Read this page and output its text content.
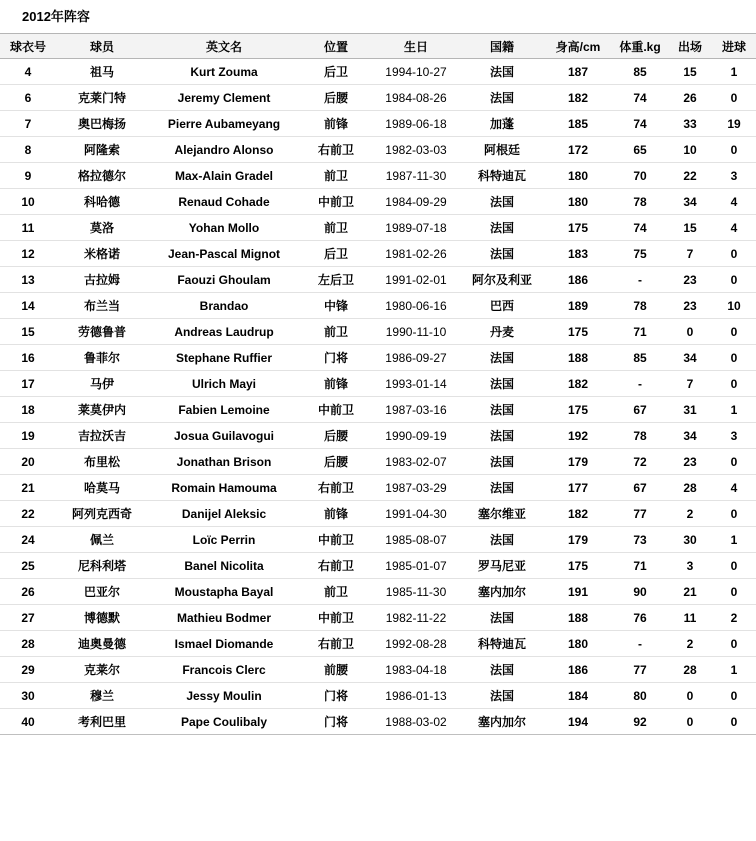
2012年阵容
球衣号	球员	英文名	位置	生日	国籍	身高/cm	体重.kg	出场	进球
4	祖马	Kurt Zouma	后卫	1994-10-27	法国	187	85	15	1
6	克莱门特	Jeremy Clement	后腰	1984-08-26	法国	182	74	26	0
7	奥巴梅扬	Pierre Aubameyang	前锋	1989-06-18	加蓬	185	74	33	19
8	阿隆索	Alejandro Alonso	右前卫	1982-03-03	阿根廷	172	65	10	0
9	格拉德尔	Max-Alain Gradel	前卫	1987-11-30	科特迪瓦	180	70	22	3
10	科哈德	Renaud Cohade	中前卫	1984-09-29	法国	180	78	34	4
11	莫洛	Yohan Mollo	前卫	1989-07-18	法国	175	74	15	4
12	米格诺	Jean-Pascal Mignot	后卫	1981-02-26	法国	183	75	7	0
13	古拉姆	Faouzi Ghoulam	左后卫	1991-02-01	阿尔及利亚	186	-	23	0
14	布兰当	Brandao	中锋	1980-06-16	巴西	189	78	23	10
15	劳德鲁普	Andreas Laudrup	前卫	1990-11-10	丹麦	175	71	0	0
16	鲁菲尔	Stephane Ruffier	门将	1986-09-27	法国	188	85	34	0
17	马伊	Ulrich Mayi	前锋	1993-01-14	法国	182	-	7	0
18	莱莫伊内	Fabien Lemoine	中前卫	1987-03-16	法国	175	67	31	1
19	吉拉沃吉	Josua Guilavogui	后腰	1990-09-19	法国	192	78	34	3
20	布里松	Jonathan Brison	后腰	1983-02-07	法国	179	72	23	0
21	哈莫马	Romain Hamouma	右前卫	1987-03-29	法国	177	67	28	4
22	阿列克西奇	Danijel Aleksic	前锋	1991-04-30	塞尔维亚	182	77	2	0
24	佩兰	Loïc Perrin	中前卫	1985-08-07	法国	179	73	30	1
25	尼科利塔	Banel Nicolita	右前卫	1985-01-07	罗马尼亚	175	71	3	0
26	巴亚尔	Moustapha Bayal	前卫	1985-11-30	塞内加尔	191	90	21	0
27	博德默	Mathieu Bodmer	中前卫	1982-11-22	法国	188	76	11	2
28	迪奥曼德	Ismael Diomande	右前卫	1992-08-28	科特迪瓦	180	-	2	0
29	克莱尔	Francois Clerc	前腰	1983-04-18	法国	186	77	28	1
30	穆兰	Jessy Moulin	门将	1986-01-13	法国	184	80	0	0
40	考利巴里	Pape Coulibaly	门将	1988-03-02	塞内加尔	194	92	0	0
